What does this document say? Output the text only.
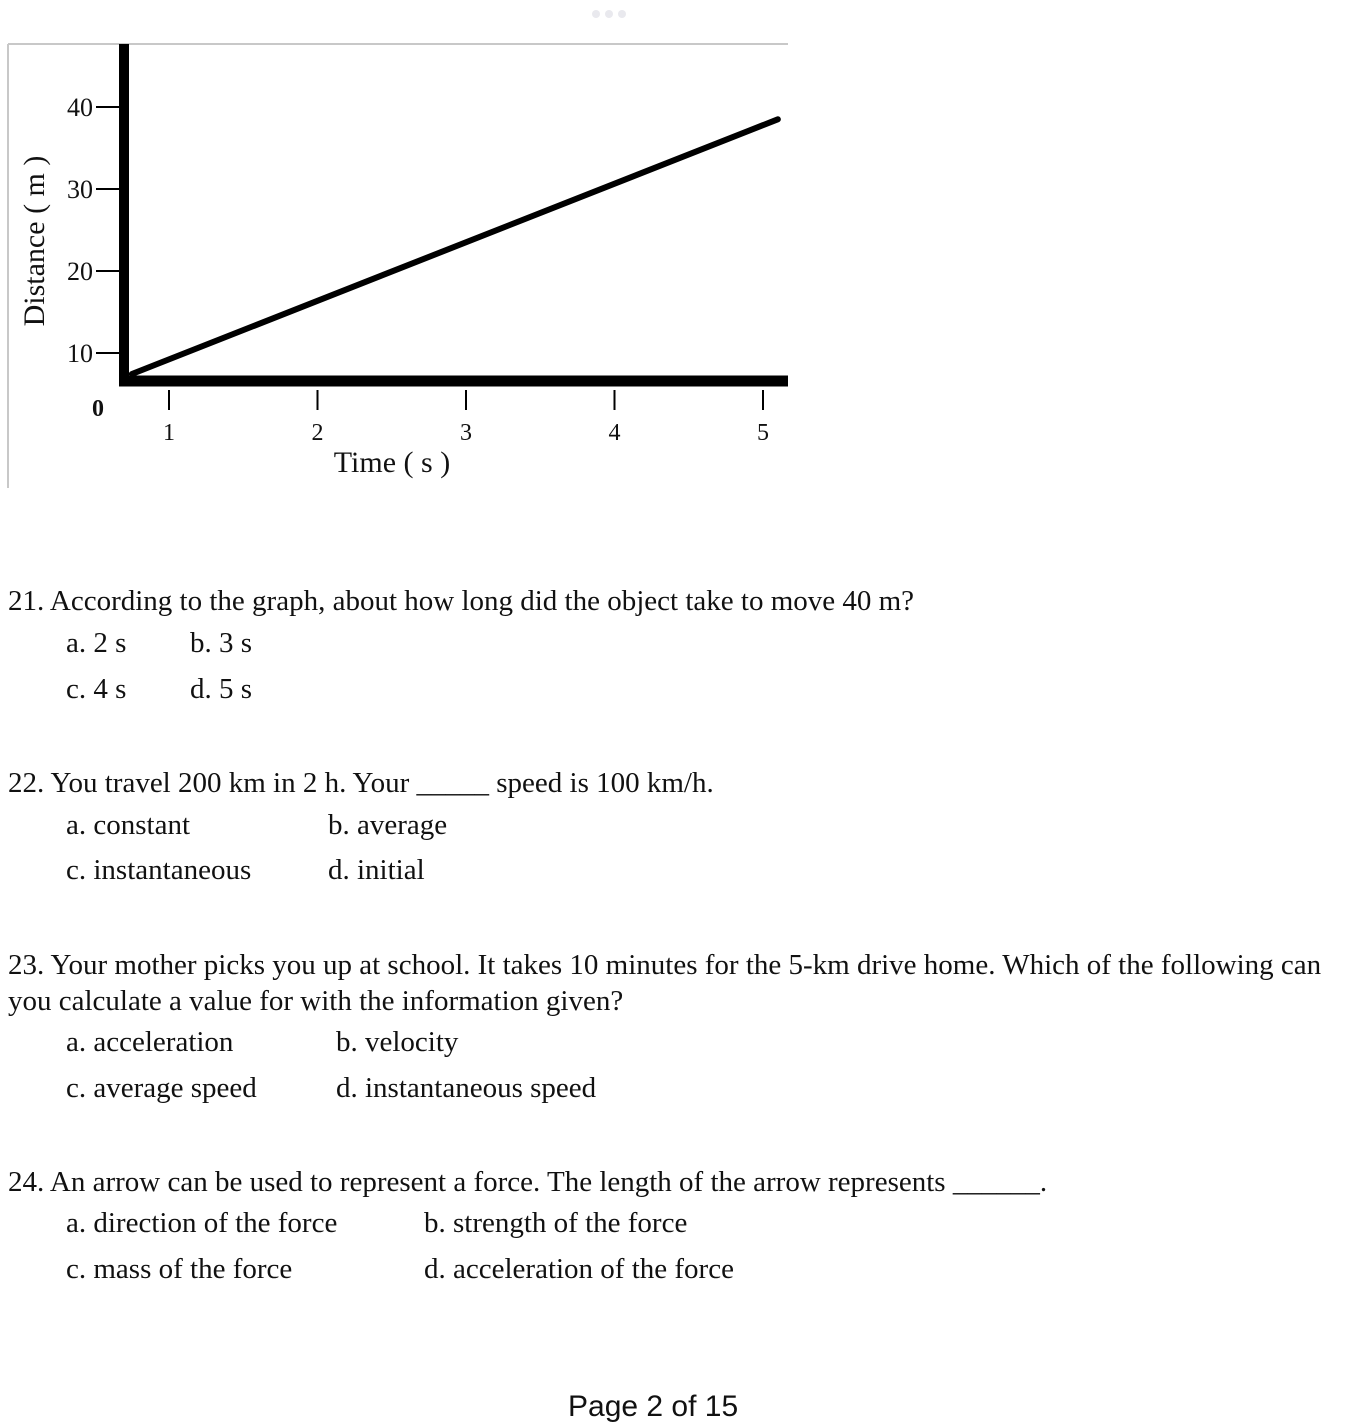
10
20
30
40
1	2	3	4	5
0
Time ( s )
Distance ( m )
21. According to the graph, about how long did the object take to move 40 m?
a. 2 s b. 3 s
c. 4 s d. 5 s
22. You travel 200 km in 2 h. Your _____ speed is 100 km/h.
a. constant	b. average
c. instantaneous	d. initial
23. Your mother picks you up at school. It takes 10 minutes for the 5-km drive home. Which of the following can you calculate a value for with the information given?
a. acceleration	b. velocity
c. average speed	d. instantaneous speed
24. An arrow can be used to represent a force. The length of the arrow represents ______.
a. direction of the force	b. strength of the force
c. mass of the force	d. acceleration of the force
Page 2 of 15
